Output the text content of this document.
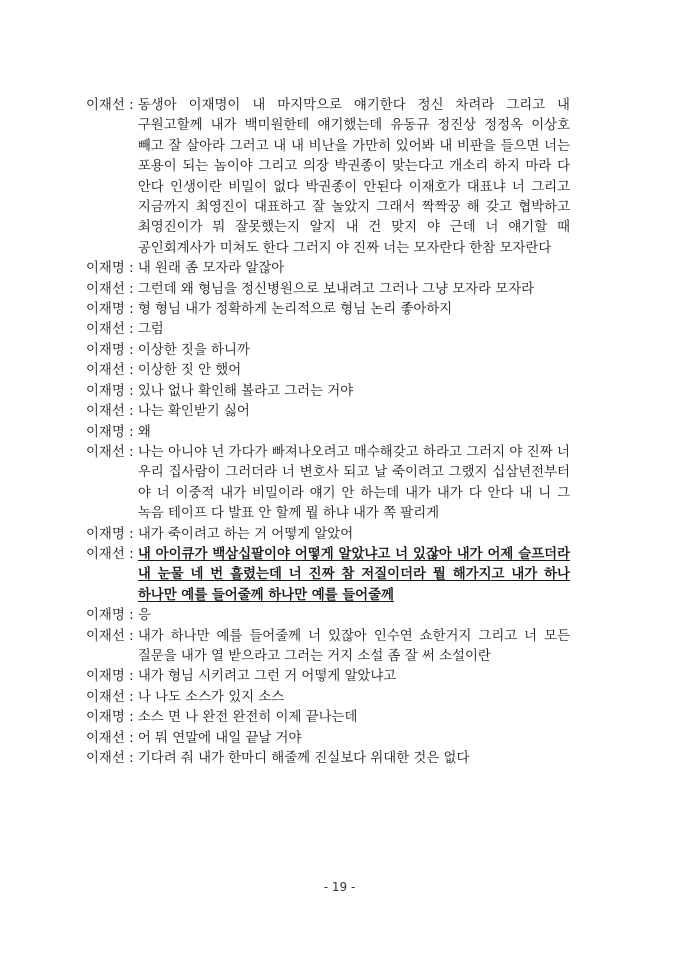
이재선 : 동생아 이재명이 내 마지막으로 얘기한다 정신 차려라 그리고 내 구원고할께 내가 백미원한테 얘기했는데 유동규 정진상 정정옥 이상호 빼고 잘 살아라 그러고 내 내 비난을 가만히 있어봐 내 비판을 들으면 너는 포용이 되는 놈이야 그리고 의장 박권종이 맞는다고 개소리 하지 마라 다 안다 인생이란 비밀이 없다 박권종이 안된다 이재호가 대표냐 너 그리고 지금까지 최영진이 대표하고 잘 놀았지 그래서 짝짝꿍 해 갖고 협박하고 최영진이가 뭐 잘못했는지 알지 내 건 맞지 야 근데 너 얘기할 때 공인회계사가 미쳐도 한다 그러지 야 진짜 너는 모자란다 한참 모자란다
이재명 : 내 원래 좀 모자라 알잖아
이재선 : 그런데 왜 형님을 정신병원으로 보내려고 그러나 그냥 모자라 모자라
이재명 : 형 형님 내가 정확하게 논리적으로 형님 논리 좋아하지
이재선 : 그럼
이재명 : 이상한 짓을 하니까
이재선 : 이상한 짓 안 했어
이재명 : 있나 없나 확인해 볼라고 그러는 거야
이재선 : 나는 확인받기 싫어
이재명 : 왜
이재선 : 나는 아니야 넌 가다가 빠져나오려고 매수해갖고 하라고 그러지 야 진짜 너 우리 집사람이 그러더라 너 변호사 되고 날 죽이려고 그랬지 십삼년전부터 야 너 이중적 내가 비밀이라 얘기 안 하는데 내가 내가 다 안다 내 니 그 녹음 테이프 다 발표 안 할께 뭘 하냐 내가 쪽 팔리게
이재명 : 내가 죽이려고 하는 거 어떻게 알았어
이재선 : 내 아이큐가 백삼십팔이야 어떻게 알았냐고 너 있잖아 내가 어제 슬프더라 내 눈물 네 번 흘렸는데 너 진짜 참 저질이더라 뭘 해가지고 내가 하나 하나만 예를 들어줄께 하나만 예를 들어줄께
이재명 : 응
이재선 : 내가 하나만 예를 들어줄께 너 있잖아 인수연 쇼한거지 그리고 너 모든 질문을 내가 열 받으라고 그러는 거지 소설 좀 잘 써 소설이란
이재명 : 내가 형님 시키려고 그런 거 어떻게 알았냐고
이재선 : 나 나도 소스가 있지 소스
이재명 : 소스 면 나 완전 완전히 이제 끝나는데
이재선 : 어 뭐 연말에 내일 끝날 거야
이재선 : 기다려 줘 내가 한마디 해줄께 진실보다 위대한 것은 없다
- 19 -
